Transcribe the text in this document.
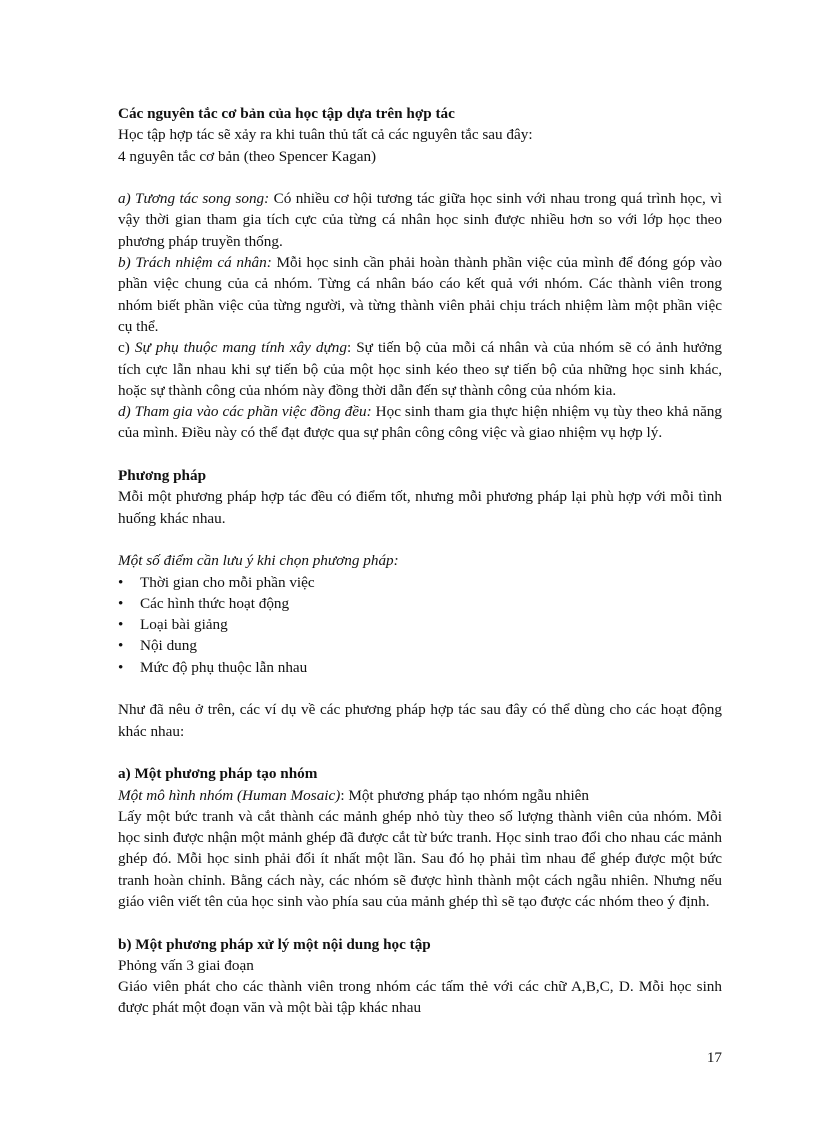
Các nguyên tắc cơ bản của học tập dựa trên hợp tác

Học tập hợp tác sẽ xảy ra khi tuân thủ tất cả các nguyên tắc sau đây:

4 nguyên tắc cơ bản (theo Spencer Kagan)

a) Tương tác song song: Có nhiều cơ hội tương tác giữa học sinh với nhau trong quá trình học, vì vậy thời gian tham gia tích cực của từng cá nhân học sinh được nhiều hơn so với lớp học theo phương pháp truyền thống.

b) Trách nhiệm cá nhân: Mỗi học sinh cần phải hoàn thành phần việc của mình để đóng góp vào phần việc chung của cả nhóm. Từng cá nhân báo cáo kết quả với nhóm. Các thành viên trong nhóm biết phần việc của từng người, và từng thành viên phải chịu trách nhiệm làm một phần việc cụ thể.

c) Sự phụ thuộc mang tính xây dựng: Sự tiến bộ của mỗi cá nhân và của nhóm sẽ có ảnh hưởng tích cực lẫn nhau khi sự tiến bộ của một học sinh kéo theo sự tiến bộ của những học sinh khác, hoặc sự thành công của nhóm này đồng thời dẫn đến sự thành công của nhóm kia.

d) Tham gia vào các phần việc đồng đều: Học sinh tham gia thực hiện nhiệm vụ tùy theo khả năng của mình. Điều này có thể đạt được qua sự phân công công việc và giao nhiệm vụ hợp lý.

Phương pháp

Mỗi một phương pháp hợp tác đều có điểm tốt, nhưng mỗi phương pháp lại phù hợp với mỗi tình huống khác nhau.

Một số điểm cần lưu ý khi chọn phương pháp:

• Thời gian cho mỗi phần việc
• Các hình thức hoạt động
• Loại bài giảng
• Nội dung
• Mức độ phụ thuộc lẫn nhau

Như đã nêu ở trên, các ví dụ về các phương pháp hợp tác sau đây có thể dùng cho các hoạt động khác nhau:

a) Một phương pháp tạo nhóm

Một mô hình nhóm (Human Mosaic): Một phương pháp tạo nhóm ngẫu nhiên

Lấy một bức tranh và cắt thành các mảnh ghép nhỏ tùy theo số lượng thành viên của nhóm. Mỗi học sinh được nhận một mảnh ghép đã được cắt từ bức tranh. Học sinh trao đổi cho nhau các mảnh ghép đó. Mỗi học sinh phải đổi ít nhất một lần. Sau đó họ phải tìm nhau để ghép được một bức tranh hoàn chỉnh. Bằng cách này, các nhóm sẽ được hình thành một cách ngẫu nhiên. Nhưng nếu giáo viên viết tên của học sinh vào phía sau của mảnh ghép thì sẽ tạo được các nhóm theo ý định.

b) Một phương pháp xử lý một nội dung học tập

Phỏng vấn 3 giai đoạn

Giáo viên phát cho các thành viên trong nhóm các tấm thẻ với các chữ A,B,C, D. Mỗi học sinh được phát một đoạn văn và một bài tập khác nhau

17
